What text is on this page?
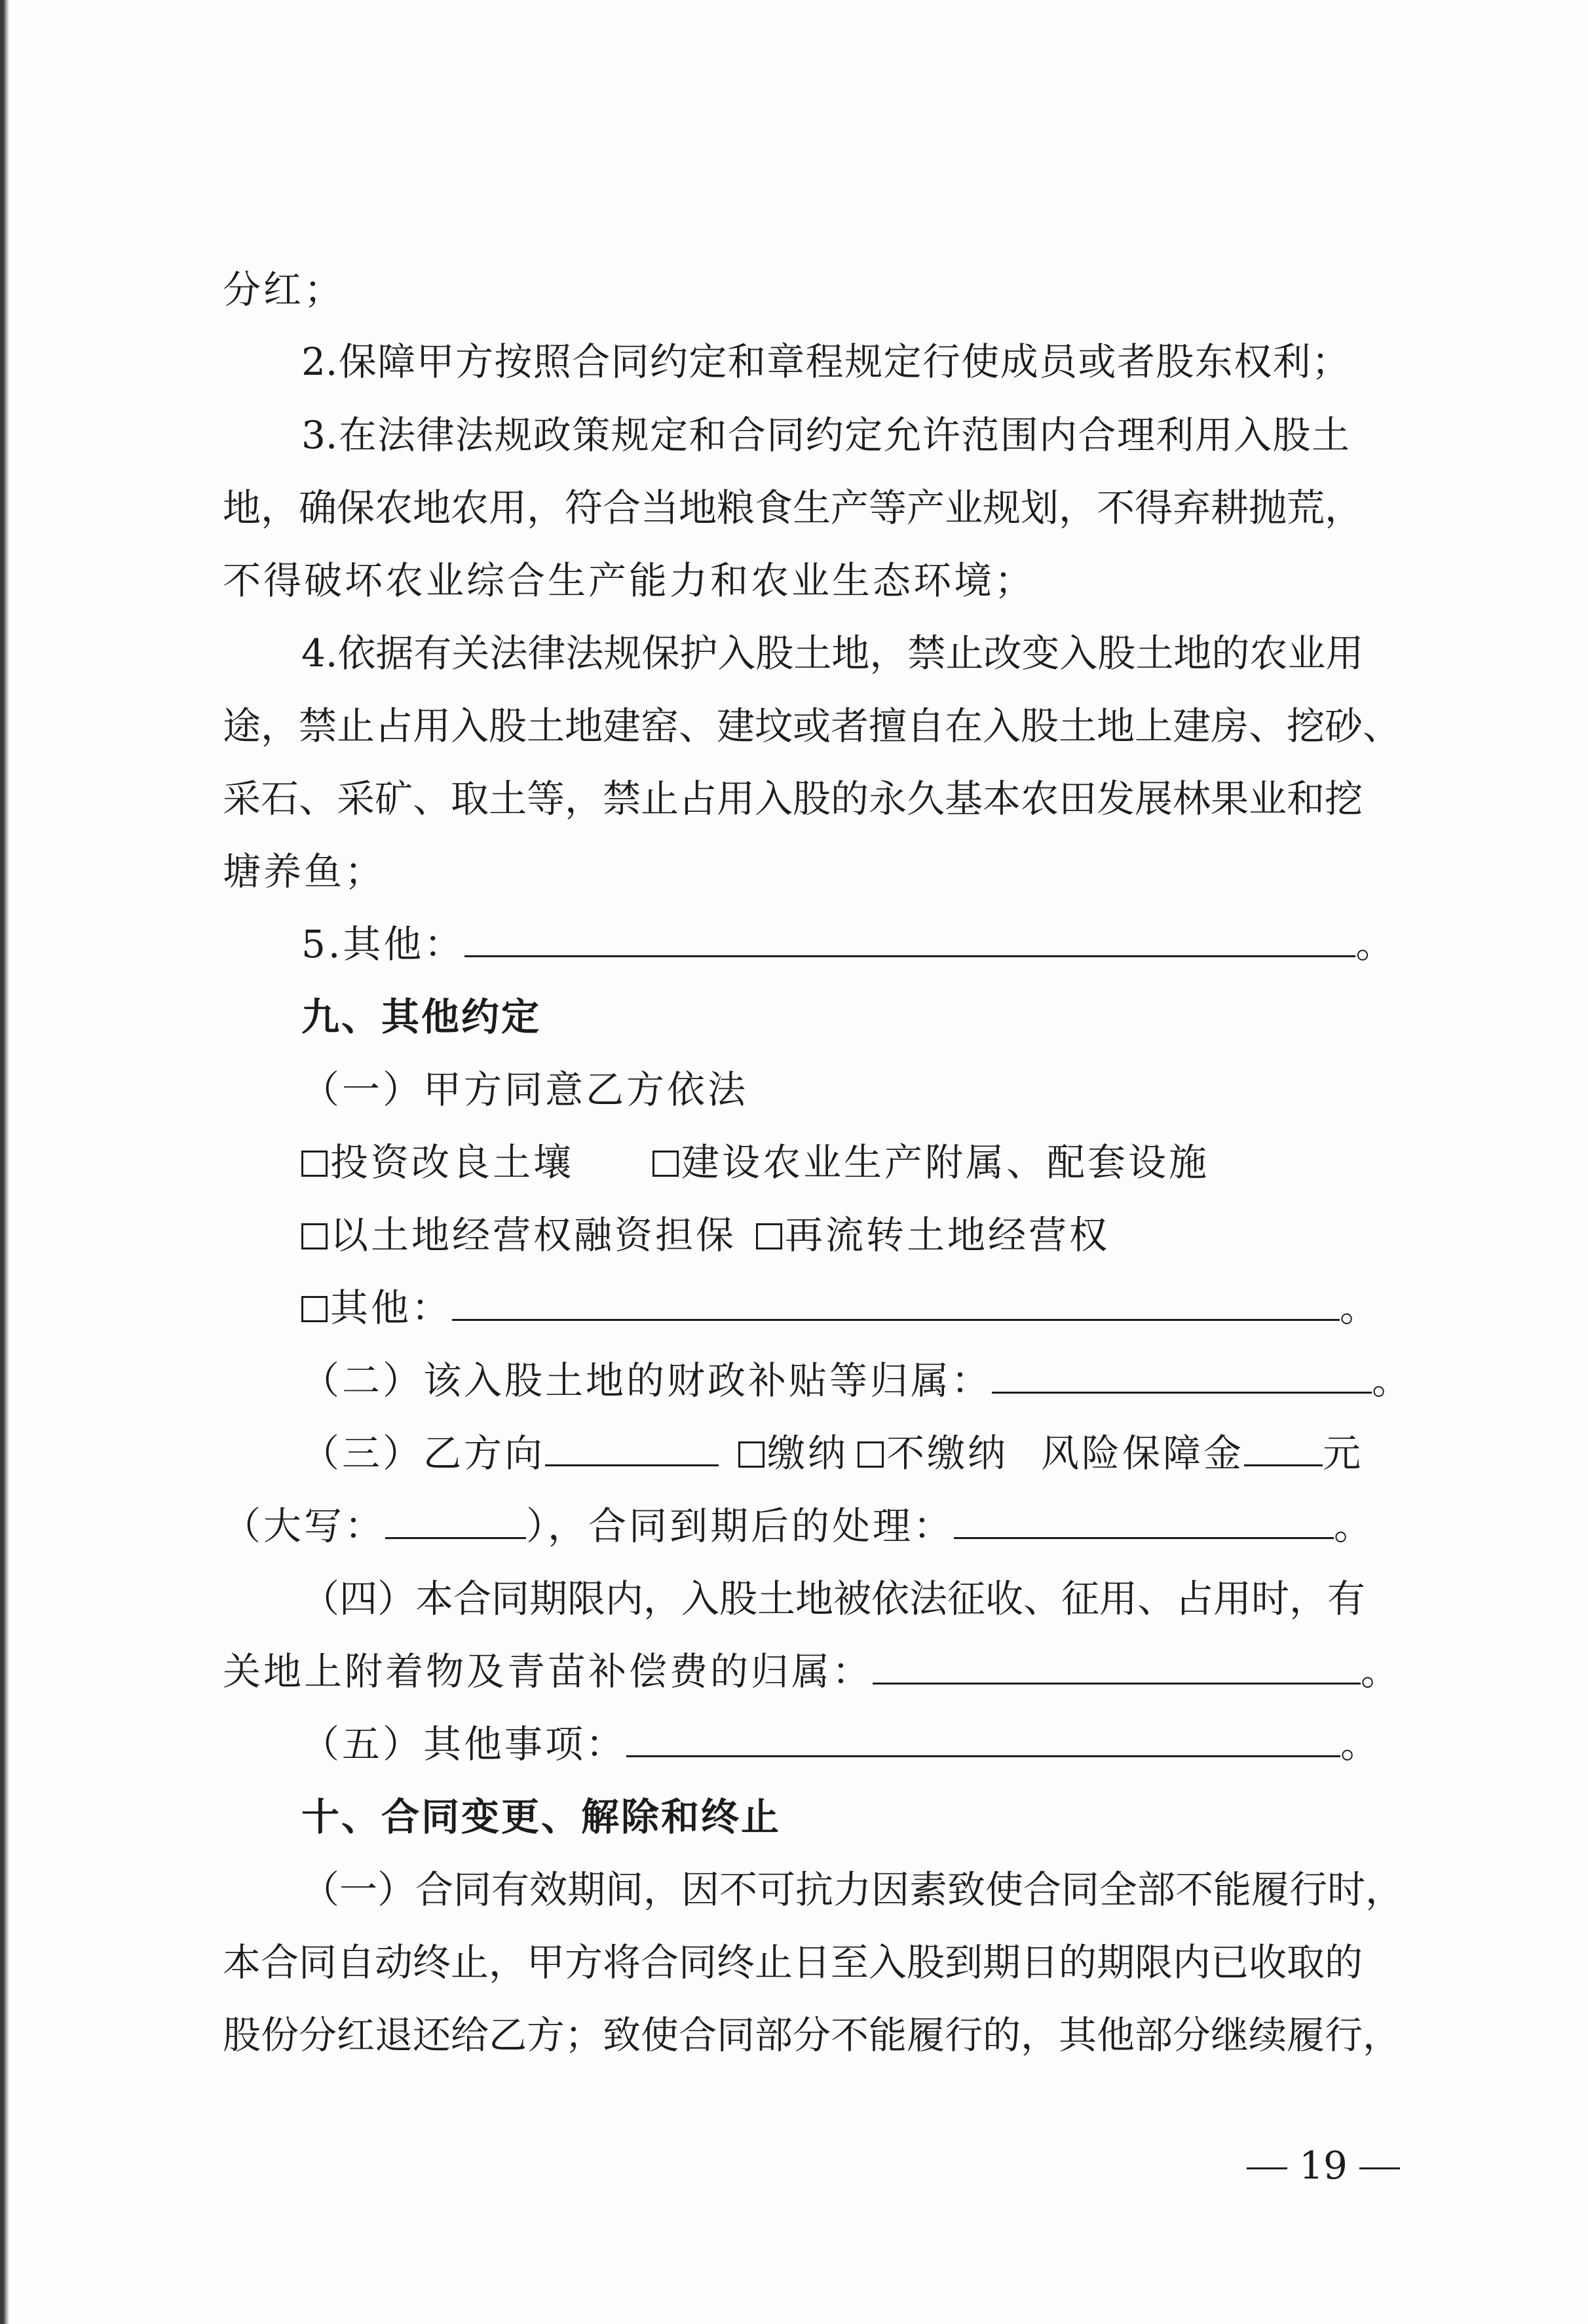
分红；
2.保障甲方按照合同约定和章程规定行使成员或者股东权利；
3.在法律法规政策规定和合同约定允许范围内合理利用入股土
地，确保农地农用，符合当地粮食生产等产业规划，不得弃耕抛荒，
不得破坏农业综合生产能力和农业生态环境；
4.依据有关法律法规保护入股土地，禁止改变入股土地的农业用
途，禁止占用入股土地建窑、建坟或者擅自在入股土地上建房、挖砂、
采石、采矿、取土等，禁止占用入股的永久基本农田发展林果业和挖
塘养鱼；
5.其他：	。
九、其他约定
（一）甲方同意乙方依法
投资改良土壤	建设农业生产附属、配套设施
以土地经营权融资担保 再流转土地经营权
其他：	。
（二）该入股土地的财政补贴等归属：	。
（三）乙方向	缴纳 不缴纳 风险保障金 元
（大写：	），合同到期后的处理：	。
（四）本合同期限内，入股土地被依法征收、征用、占用时，有
关地上附着物及青苗补偿费的归属：	。
（五）其他事项：	。
十、合同变更、解除和终止
（一）合同有效期间，因不可抗力因素致使合同全部不能履行时，
本合同自动终止，甲方将合同终止日至入股到期日的期限内已收取的
股份分红退还给乙方；致使合同部分不能履行的，其他部分继续履行，
19
